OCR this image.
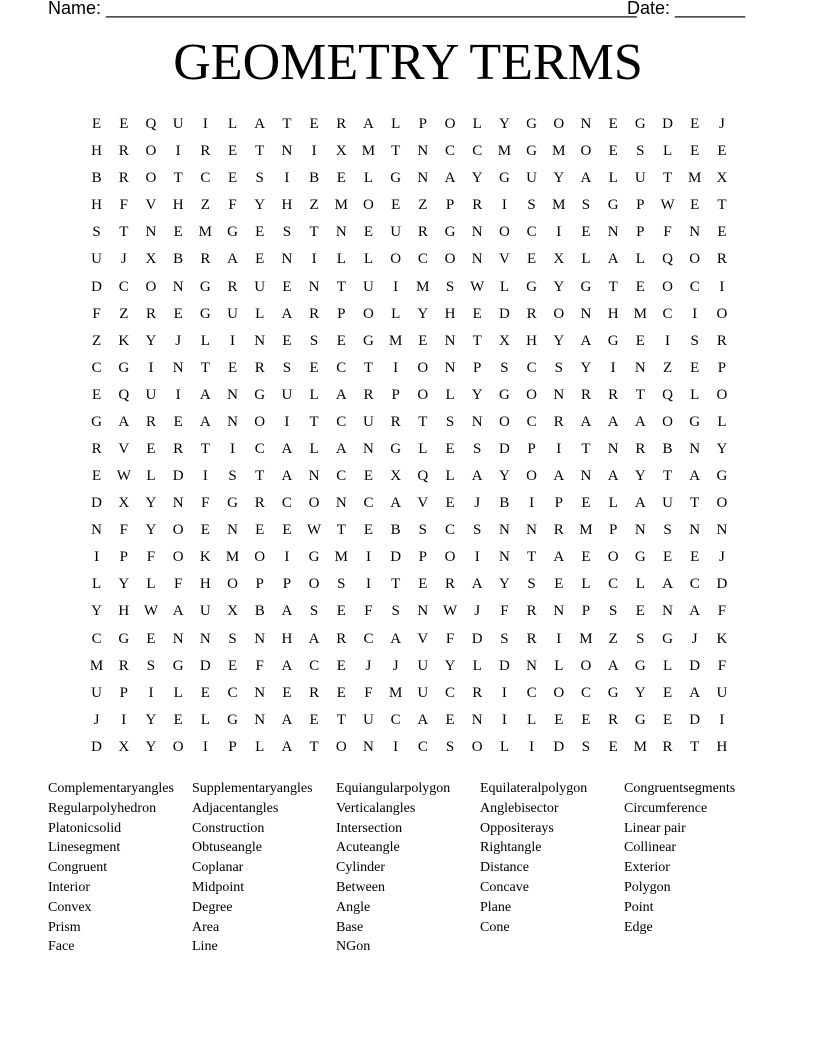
Name: _____________________________________________________
Date: _______
GEOMETRY TERMS
E	E	Q	U	I	L	A	T	E	R	A	L	P	O	L	Y	G	O	N	E	G	D	E	J
H	R	O	I	R	E	T	N	I	X	M	T	N	C	C	M	G	M	O	E	S	L	E	E
B	R	O	T	C	E	S	I	B	E	L	G	N	A	Y	G	U	Y	A	L	U	T	M	X
H	F	V	H	Z	F	Y	H	Z	M	O	E	Z	P	R	I	S	M	S	G	P	W	E	T
S	T	N	E	M	G	E	S	T	N	E	U	R	G	N	O	C	I	E	N	P	F	N	E
U	J	X	B	R	A	E	N	I	L	L	O	C	O	N	V	E	X	L	A	L	Q	O	R
D	C	O	N	G	R	U	E	N	T	U	I	M	S	W	L	G	Y	G	T	E	O	C	I
F	Z	R	E	G	U	L	A	R	P	O	L	Y	H	E	D	R	O	N	H	M	C	I	O
Z	K	Y	J	L	I	N	E	S	E	G	M	E	N	T	X	H	Y	A	G	E	I	S	R
C	G	I	N	T	E	R	S	E	C	T	I	O	N	P	S	C	S	Y	I	N	Z	E	P
E	Q	U	I	A	N	G	U	L	A	R	P	O	L	Y	G	O	N	R	R	T	Q	L	O
G	A	R	E	A	N	O	I	T	C	U	R	T	S	N	O	C	R	A	A	A	O	G	L
R	V	E	R	T	I	C	A	L	A	N	G	L	E	S	D	P	I	T	N	R	B	N	Y
E	W	L	D	I	S	T	A	N	C	E	X	Q	L	A	Y	O	A	N	A	Y	T	A	G
D	X	Y	N	F	G	R	C	O	N	C	A	V	E	J	B	I	P	E	L	A	U	T	O
N	F	Y	O	E	N	E	E	W	T	E	B	S	C	S	N	N	R	M	P	N	S	N	N
I	P	F	O	K	M	O	I	G	M	I	D	P	O	I	N	T	A	E	O	G	E	E	J
L	Y	L	F	H	O	P	P	O	S	I	T	E	R	A	Y	S	E	L	C	L	A	C	D
Y	H W A	U	X	B	A	S	E	F	S	N W	J	F	R	N	P	S	E	N	A	F
C	G	E	N	N	S	N	H	A	R	C	A	V	F	D	S	R	I	M	Z	S	G	J	K
M	R	S	G	D	E	F	A	C	E	J	J	U	Y	L	D	N	L	O	A	G	L	D	F
U	P	I	L	E	C	N	E	R	E	F	M	U	C	R	I	C	O	C	G	Y	E	A	U
J	I	Y	E	L	G	N	A	E	T	U	C	A	E	N	I	L	E	E	R	G	E	D	I
D	X	Y	O	I	P	L	A	T	O	N	I	C	S	O	L	I	D	S	E	M	R	T	H
Complementaryangles	Supplementaryangles	Equiangularpolygon	Equilateralpolygon	Congruentsegments
Regularpolyhedron	Adjacentangles	Verticalangles	Anglebisector	Circumference
Platonicsolid	Construction	Intersection	Oppositerays	Linear pair
Linesegment	Obtuseangle	Acuteangle	Rightangle	Collinear
Congruent	Coplanar	Cylinder	Distance	Exterior
Interior	Midpoint	Between	Concave	Polygon
Convex	Degree	Angle	Plane	Point
Prism	Area	Base	Cone	Edge
Face	Line	NGon
